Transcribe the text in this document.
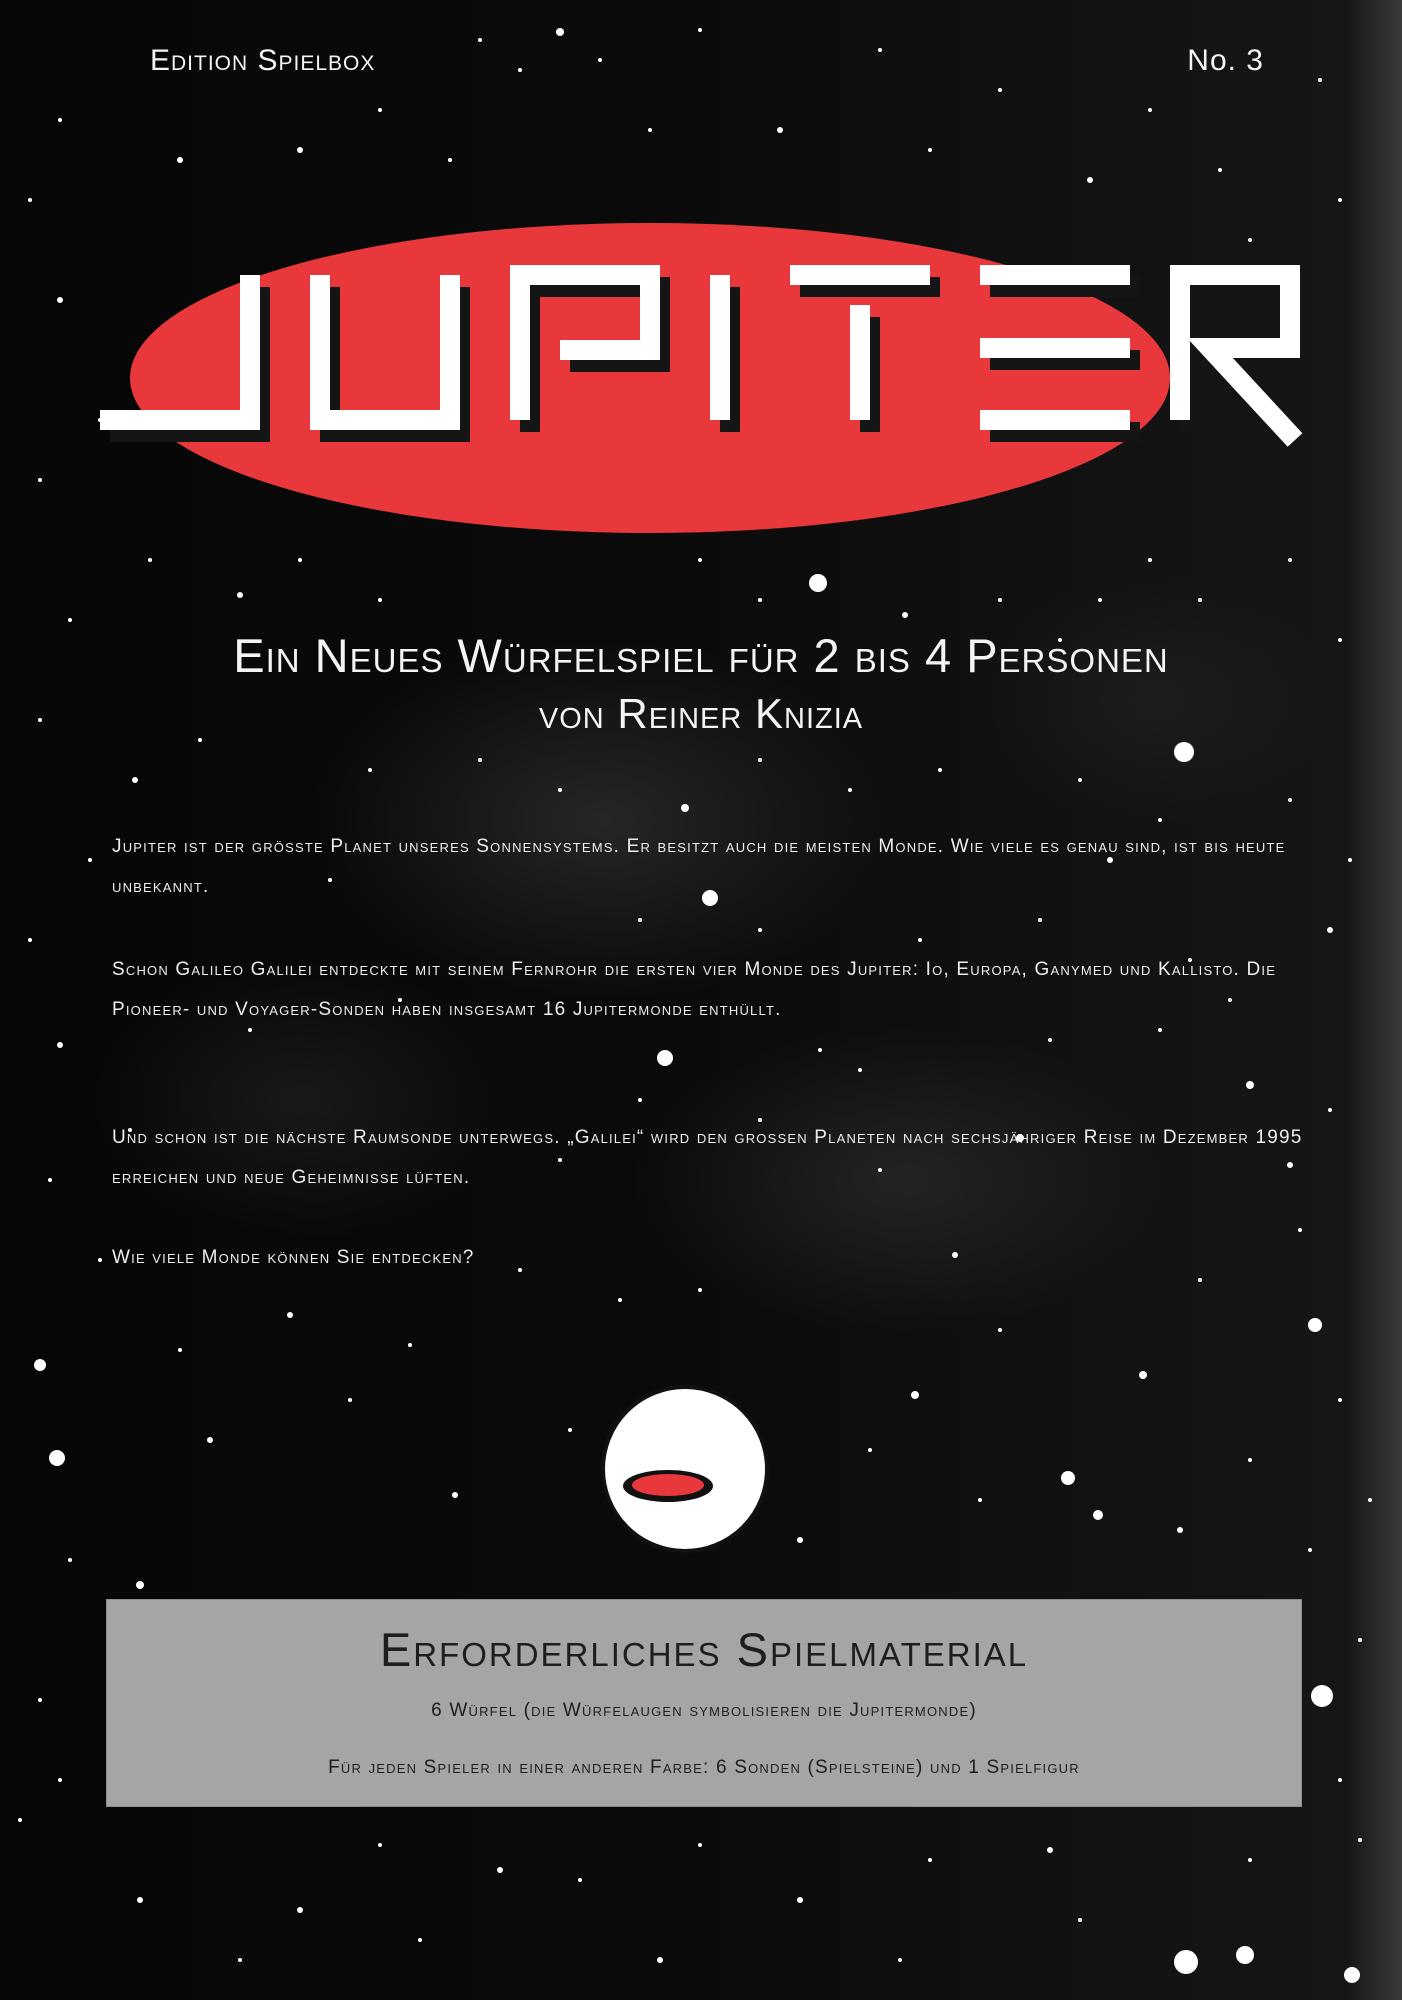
Edition Spielbox	No. 3
Ein Neues Würfelspiel für 2 bis 4 Personen
von Reiner Knizia

Jupiter ist der grösste Planet unseres Sonnensystems. Er besitzt auch die meisten Monde. Wie viele es genau sind, ist bis heute unbekannt.

Schon Galileo Galilei entdeckte mit seinem Fernrohr die ersten vier Monde des Jupiter: Io, Europa, Ganymed und Kallisto. Die Pioneer- und Voyager-Sonden haben insgesamt 16 Jupitermonde enthüllt.

Und schon ist die nächste Raumsonde unterwegs. „Galilei“ wird den grossen Planeten nach sechsjähriger Reise im Dezember 1995 erreichen und neue Geheimnisse lüften.

Wie viele Monde können Sie entdecken?

Erforderliches Spielmaterial
6 Würfel (die Würfelaugen symbolisieren die Jupitermonde)
Für jeden Spieler in einer anderen Farbe: 6 Sonden (Spielsteine) und 1 Spielfigur
